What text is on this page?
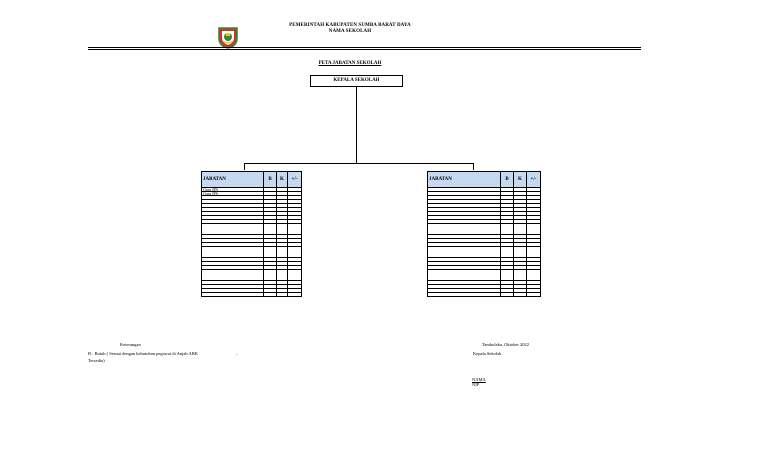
PEMERINTAH KABUPATEN SUMBA BARAT DAYA
NAMA SEKOLAH
PETA JABATAN SEKOLAH
KEPALA SEKOLAH
JABATAN	B	K	+/-
Guru IPA			
Guru IPS			

JABATAN	B	K	+/-

Keterangan
B : Butuh ( Sesuai dengan kebutuhan pegawai di Anjab ABK	-
Tersedia)
Tambolaka, Oktober 2022
Kepala Sekolah
NAMA
NIP
